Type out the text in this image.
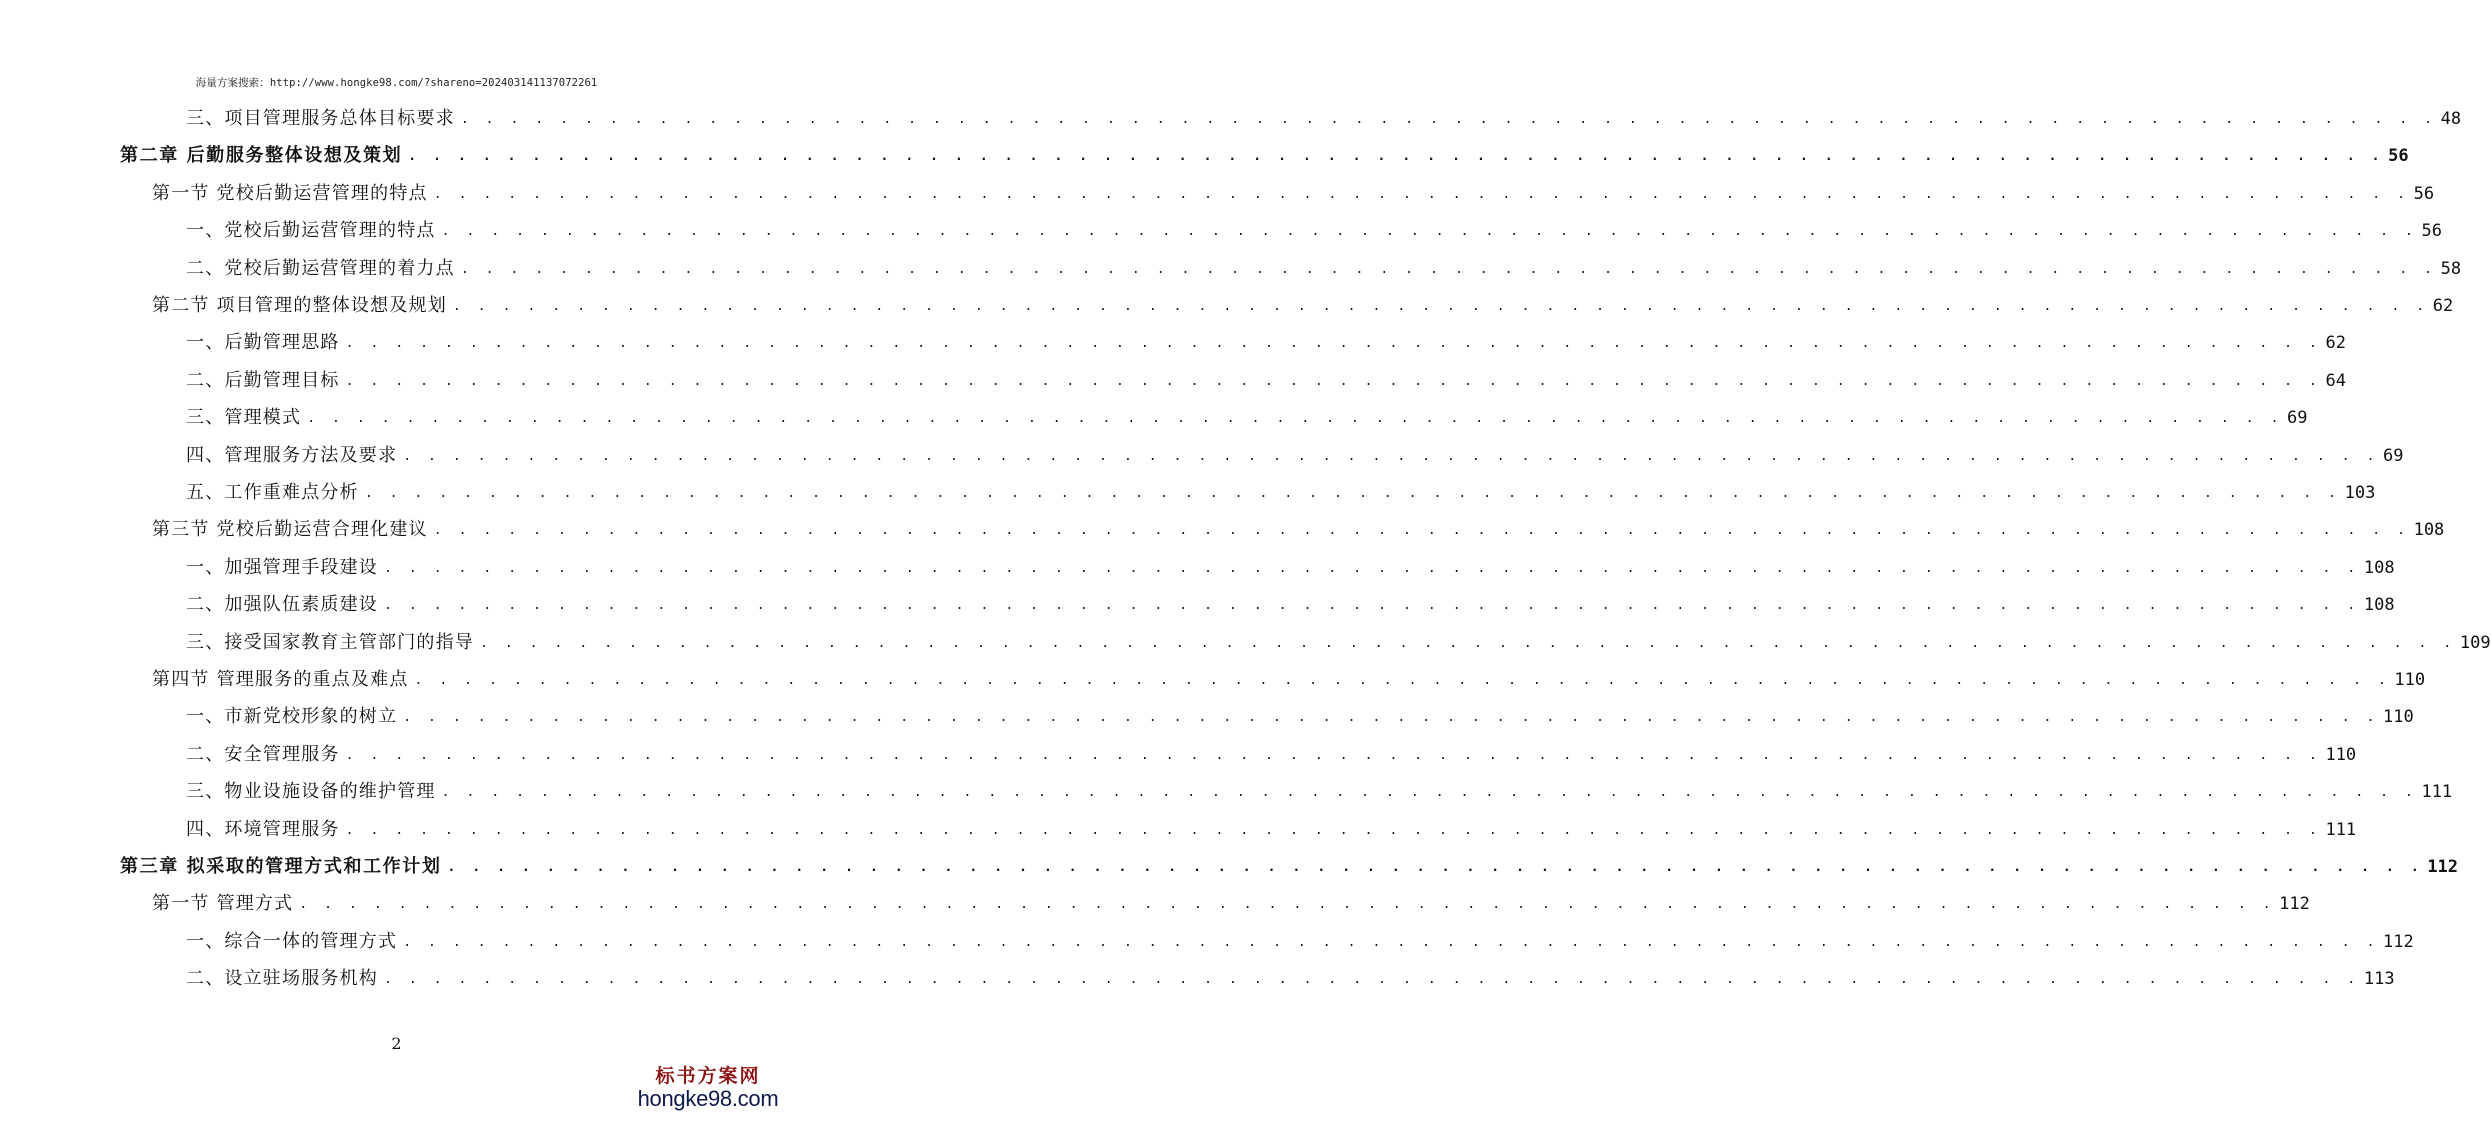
海量方案搜索：http://www.hongke98.com/?shareno=202403141137072261
三、项目管理服务总体目标要求 . . . . . . . . . . . . . . . . . . . . . . . . . . . . . . . . . . . . . . . . . . . . . . . . . . . . . . . . . . . . . . . . . . . . . . . . . . . . . . . . 48
第二章 后勤服务整体设想及策划 . . . . . . . . . . . . . . . . . . . . . . . . . . . . . . . . . . . . . . . . . . . . . . . . . . . . . . . . . . . . . . . . . . . . . . . . . . . . . . . . 56
第一节 党校后勤运营管理的特点 . . . . . . . . . . . . . . . . . . . . . . . . . . . . . . . . . . . . . . . . . . . . . . . . . . . . . . . . . . . . . . . . . . . . . . . . . . . . . . . . 56
一、党校后勤运营管理的特点 . . . . . . . . . . . . . . . . . . . . . . . . . . . . . . . . . . . . . . . . . . . . . . . . . . . . . . . . . . . . . . . . . . . . . . . . . . . . . . . . 56
二、党校后勤运营管理的着力点 . . . . . . . . . . . . . . . . . . . . . . . . . . . . . . . . . . . . . . . . . . . . . . . . . . . . . . . . . . . . . . . . . . . . . . . . . . . . . . . . 58
第二节 项目管理的整体设想及规划 . . . . . . . . . . . . . . . . . . . . . . . . . . . . . . . . . . . . . . . . . . . . . . . . . . . . . . . . . . . . . . . . . . . . . . . . . . . . . . . . 62
一、后勤管理思路 . . . . . . . . . . . . . . . . . . . . . . . . . . . . . . . . . . . . . . . . . . . . . . . . . . . . . . . . . . . . . . . . . . . . . . . . . . . . . . . . 62
二、后勤管理目标 . . . . . . . . . . . . . . . . . . . . . . . . . . . . . . . . . . . . . . . . . . . . . . . . . . . . . . . . . . . . . . . . . . . . . . . . . . . . . . . . 64
三、管理模式 . . . . . . . . . . . . . . . . . . . . . . . . . . . . . . . . . . . . . . . . . . . . . . . . . . . . . . . . . . . . . . . . . . . . . . . . . . . . . . . . 69
四、管理服务方法及要求 . . . . . . . . . . . . . . . . . . . . . . . . . . . . . . . . . . . . . . . . . . . . . . . . . . . . . . . . . . . . . . . . . . . . . . . . . . . . . . . . 69
五、工作重难点分析 . . . . . . . . . . . . . . . . . . . . . . . . . . . . . . . . . . . . . . . . . . . . . . . . . . . . . . . . . . . . . . . . . . . . . . . . . . . . . . . . 103
第三节 党校后勤运营合理化建议 . . . . . . . . . . . . . . . . . . . . . . . . . . . . . . . . . . . . . . . . . . . . . . . . . . . . . . . . . . . . . . . . . . . . . . . . . . . . . . . . 108
一、加强管理手段建设 . . . . . . . . . . . . . . . . . . . . . . . . . . . . . . . . . . . . . . . . . . . . . . . . . . . . . . . . . . . . . . . . . . . . . . . . . . . . . . . . 108
二、加强队伍素质建设 . . . . . . . . . . . . . . . . . . . . . . . . . . . . . . . . . . . . . . . . . . . . . . . . . . . . . . . . . . . . . . . . . . . . . . . . . . . . . . . . 108
三、接受国家教育主管部门的指导 . . . . . . . . . . . . . . . . . . . . . . . . . . . . . . . . . . . . . . . . . . . . . . . . . . . . . . . . . . . . . . . . . . . . . . . . . . . . . . . . 109
第四节 管理服务的重点及难点 . . . . . . . . . . . . . . . . . . . . . . . . . . . . . . . . . . . . . . . . . . . . . . . . . . . . . . . . . . . . . . . . . . . . . . . . . . . . . . . . 110
一、市新党校形象的树立 . . . . . . . . . . . . . . . . . . . . . . . . . . . . . . . . . . . . . . . . . . . . . . . . . . . . . . . . . . . . . . . . . . . . . . . . . . . . . . . . 110
二、安全管理服务 . . . . . . . . . . . . . . . . . . . . . . . . . . . . . . . . . . . . . . . . . . . . . . . . . . . . . . . . . . . . . . . . . . . . . . . . . . . . . . . . 110
三、物业设施设备的维护管理 . . . . . . . . . . . . . . . . . . . . . . . . . . . . . . . . . . . . . . . . . . . . . . . . . . . . . . . . . . . . . . . . . . . . . . . . . . . . . . . . 111
四、环境管理服务 . . . . . . . . . . . . . . . . . . . . . . . . . . . . . . . . . . . . . . . . . . . . . . . . . . . . . . . . . . . . . . . . . . . . . . . . . . . . . . . . 111
第三章 拟采取的管理方式和工作计划 . . . . . . . . . . . . . . . . . . . . . . . . . . . . . . . . . . . . . . . . . . . . . . . . . . . . . . . . . . . . . . . . . . . . . . . . . . . . . . . . 112
第一节 管理方式 . . . . . . . . . . . . . . . . . . . . . . . . . . . . . . . . . . . . . . . . . . . . . . . . . . . . . . . . . . . . . . . . . . . . . . . . . . . . . . . . 112
一、综合一体的管理方式 . . . . . . . . . . . . . . . . . . . . . . . . . . . . . . . . . . . . . . . . . . . . . . . . . . . . . . . . . . . . . . . . . . . . . . . . . . . . . . . . 112
二、设立驻场服务机构 . . . . . . . . . . . . . . . . . . . . . . . . . . . . . . . . . . . . . . . . . . . . . . . . . . . . . . . . . . . . . . . . . . . . . . . . . . . . . . . . 113
2
标书方案网
hongke98.com
